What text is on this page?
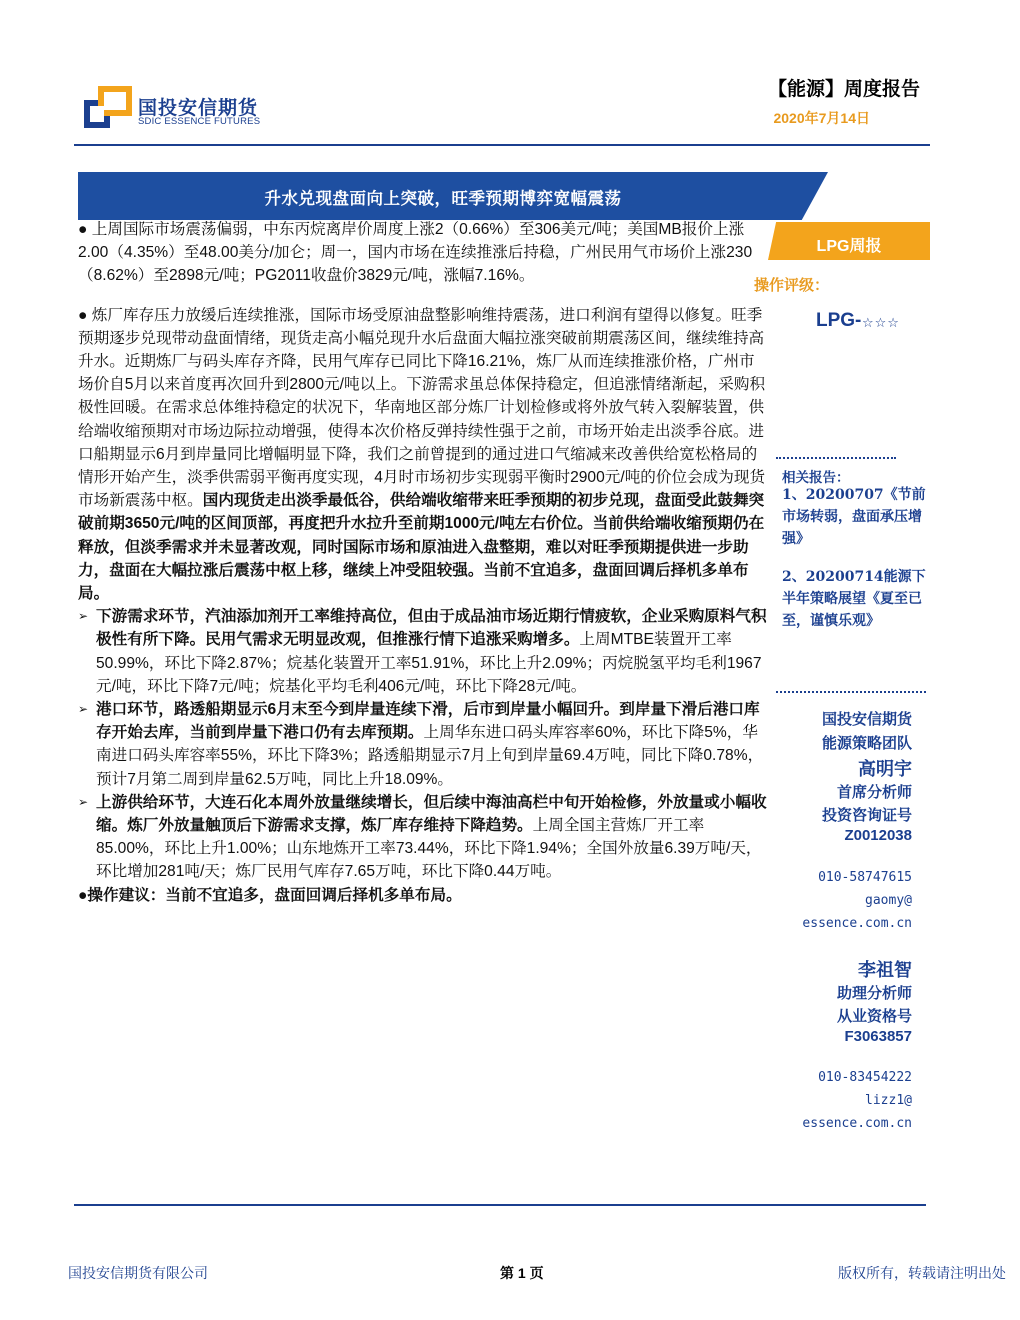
国投安信期货
SDIC ESSENCE FUTURES
【能源】周度报告
2020年7月14日
升水兑现盘面向上突破，旺季预期博弈宽幅震荡

● 上周国际市场震荡偏弱，中东丙烷离岸价周度上涨2（0.66%）至306美元/吨；美国MB报价上涨2.00（4.35%）至48.00美分/加仑；周一，国内市场在连续推涨后持稳，广州民用气市场价上涨230（8.62%）至2898元/吨；PG2011收盘价3829元/吨，涨幅7.16%。

● 炼厂库存压力放缓后连续推涨，国际市场受原油盘整影响维持震荡，进口利润有望得以修复。旺季预期逐步兑现带动盘面情绪，现货走高小幅兑现升水后盘面大幅拉涨突破前期震荡区间，继续维持高升水。近期炼厂与码头库存齐降，民用气库存已同比下降16.21%，炼厂从而连续推涨价格，广州市场价自5月以来首度再次回升到2800元/吨以上。下游需求虽总体保持稳定，但追涨情绪渐起，采购积极性回暖。在需求总体维持稳定的状况下，华南地区部分炼厂计划检修或将外放气转入裂解装置，供给端收缩预期对市场边际拉动增强，使得本次价格反弹持续性强于之前，市场开始走出淡季谷底。进口船期显示6月到岸量同比增幅明显下降，我们之前曾提到的通过进口气缩减来改善供给宽松格局的情形开始产生，淡季供需弱平衡再度实现，4月时市场初步实现弱平衡时2900元/吨的价位会成为现货市场新震荡中枢。国内现货走出淡季最低谷，供给端收缩带来旺季预期的初步兑现，盘面受此鼓舞突破前期3650元/吨的区间顶部，再度把升水拉升至前期1000元/吨左右价位。当前供给端收缩预期仍在释放，但淡季需求并未显著改观，同时国际市场和原油进入盘整期，难以对旺季预期提供进一步助力，盘面在大幅拉涨后震荡中枢上移，继续上冲受阻较强。当前不宜追多，盘面回调后择机多单布局。

➢ 下游需求环节，汽油添加剂开工率维持高位，但由于成品油市场近期行情疲软，企业采购原料气积极性有所下降。民用气需求无明显改观，但推涨行情下追涨采购增多。上周MTBE装置开工率50.99%，环比下降2.87%；烷基化装置开工率51.91%，环比上升2.09%；丙烷脱氢平均毛利1967元/吨，环比下降7元/吨；烷基化平均毛利406元/吨，环比下降28元/吨。

➢ 港口环节，路透船期显示6月末至今到岸量连续下滑，后市到岸量小幅回升。到岸量下滑后港口库存开始去库，当前到岸量下港口仍有去库预期。上周华东进口码头库容率60%，环比下降5%，华南进口码头库容率55%，环比下降3%；路透船期显示7月上旬到岸量69.4万吨，同比下降0.78%，预计7月第二周到岸量62.5万吨，同比上升18.09%。

➢ 上游供给环节，大连石化本周外放量继续增长，但后续中海油高栏中旬开始检修，外放量或小幅收缩。炼厂外放量触顶后下游需求支撑，炼厂库存维持下降趋势。上周全国主营炼厂开工率85.00%，环比上升1.00%；山东地炼开工率73.44%，环比下降1.94%；全国外放量6.39万吨/天，环比增加281吨/天；炼厂民用气库存7.65万吨，环比下降0.44万吨。

●操作建议：当前不宜追多，盘面回调后择机多单布局。

LPG周报
操作评级：
LPG- ☆☆☆
相关报告：
1、20200707《节前市场转弱，盘面承压增强》
2、20200714能源下半年策略展望《夏至已至，谨慎乐观》
国投安信期货
能源策略团队
高明宇
首席分析师
投资咨询证号
Z0012038
010-58747615
gaomy@
essence.com.cn
李祖智
助理分析师
从业资格号
F3063857
010-83454222
lizz1@
essence.com.cn
国投安信期货有限公司	第 1 页	版权所有，转载请注明出处
